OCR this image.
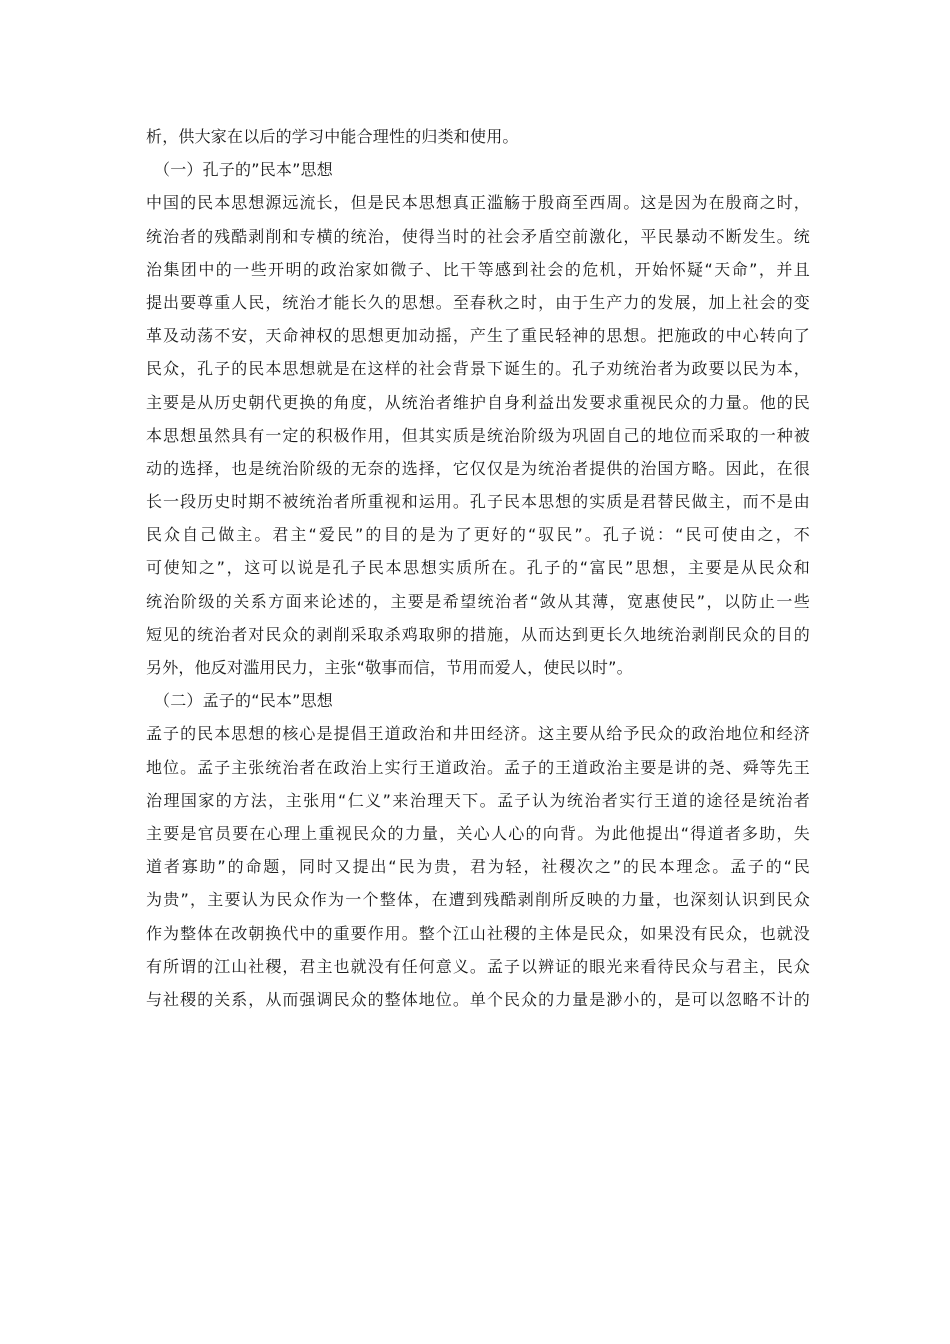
析，供大家在以后的学习中能合理性的归类和使用。
（一）孔子的”民本”思想
中国的民本思想源远流长，但是民本思想真正滥觞于殷商至西周。这是因为在殷商之时，
统治者的残酷剥削和专横的统治，使得当时的社会矛盾空前激化，平民暴动不断发生。统
治集团中的一些开明的政治家如微子、比干等感到社会的危机，开始怀疑“天命”，并且
提出要尊重人民，统治才能长久的思想。至春秋之时，由于生产力的发展，加上社会的变
革及动荡不安，天命神权的思想更加动摇，产生了重民轻神的思想。把施政的中心转向了
民众，孔子的民本思想就是在这样的社会背景下诞生的。孔子劝统治者为政要以民为本，
主要是从历史朝代更换的角度，从统治者维护自身利益出发要求重视民众的力量。他的民
本思想虽然具有一定的积极作用，但其实质是统治阶级为巩固自己的地位而采取的一种被
动的选择，也是统治阶级的无奈的选择，它仅仅是为统治者提供的治国方略。因此，在很
长一段历史时期不被统治者所重视和运用。孔子民本思想的实质是君替民做主，而不是由
民众自己做主。君主“爱民”的目的是为了更好的“驭民”。孔子说：“民可使由之，不
可使知之”，这可以说是孔子民本思想实质所在。孔子的“富民”思想，主要是从民众和
统治阶级的关系方面来论述的，主要是希望统治者“敛从其薄，宽惠使民”，以防止一些
短见的统治者对民众的剥削采取杀鸡取卵的措施，从而达到更长久地统治剥削民众的目的
另外，他反对滥用民力，主张“敬事而信，节用而爱人，使民以时”。
（二）孟子的“民本”思想
孟子的民本思想的核心是提倡王道政治和井田经济。这主要从给予民众的政治地位和经济
地位。孟子主张统治者在政治上实行王道政治。孟子的王道政治主要是讲的尧、舜等先王
治理国家的方法，主张用“仁义”来治理天下。孟子认为统治者实行王道的途径是统治者
主要是官员要在心理上重视民众的力量，关心人心的向背。为此他提出“得道者多助，失
道者寡助”的命题，同时又提出“民为贵，君为轻，社稷次之”的民本理念。孟子的“民
为贵”，主要认为民众作为一个整体，在遭到残酷剥削所反映的力量，也深刻认识到民众
作为整体在改朝换代中的重要作用。整个江山社稷的主体是民众，如果没有民众，也就没
有所谓的江山社稷，君主也就没有任何意义。孟子以辨证的眼光来看待民众与君主，民众
与社稷的关系，从而强调民众的整体地位。单个民众的力量是渺小的，是可以忽略不计的
